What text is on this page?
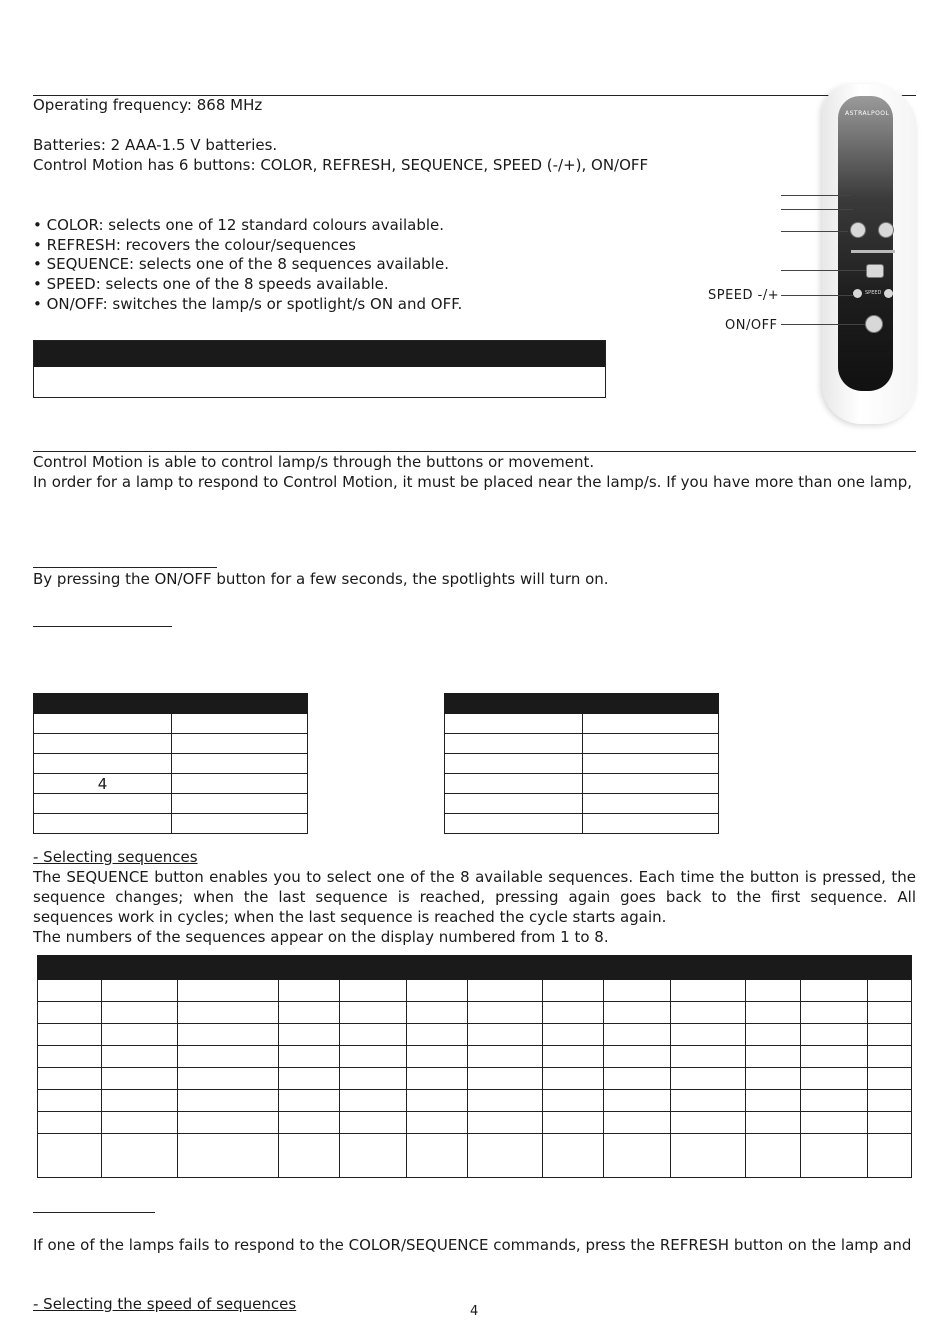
Operating frequency: 868 MHz
Batteries: 2 AAA-1.5 V batteries.
Control Motion has 6 buttons: COLOR, REFRESH, SEQUENCE, SPEED (-/+), ON/OFF
• COLOR: selects one of 12 standard colours available.
• REFRESH: recovers the colour/sequences
• SEQUENCE: selects one of the 8 sequences available.
• SPEED: selects one of the 8 speeds available.
• ON/OFF: switches the lamp/s or spotlight/s ON and OFF.
ASTRALPOOL
SPEED
SPEED -/+
ON/OFF
Control Motion is able to control lamp/s through the buttons or movement.
In order for a lamp to respond to Control Motion, it must be placed near the lamp/s. If you have more than one lamp,
By pressing the ON/OFF button for a few seconds, the spotlights will turn on.

4	

- Selecting sequences
The SEQUENCE button enables you to select one of the 8 available sequences. Each time the button is pressed, the sequence changes; when the last sequence is reached, pressing again goes back to the first sequence. All sequences work in cycles; when the last sequence is reached the cycle starts again.
The numbers of the sequences appear on the display numbered from 1 to 8.

If one of the lamps fails to respond to the COLOR/SEQUENCE commands, press the REFRESH button on the lamp and
- Selecting the speed of sequences	4
